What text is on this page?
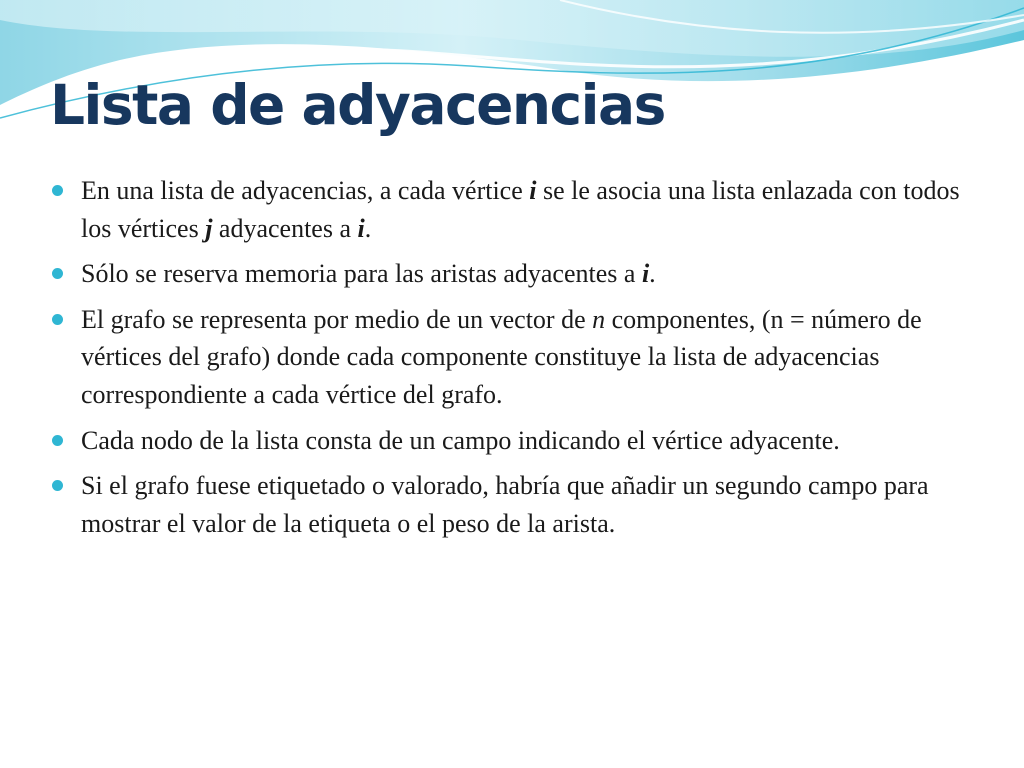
Lista de adyacencias
En una lista de adyacencias, a cada vértice i se le asocia una lista enlazada con todos los vértices j adyacentes a i.
Sólo se reserva memoria para las aristas adyacentes a i.
El grafo se representa por medio de un vector de n componentes, (n = número de vértices del grafo) donde cada componente constituye la lista de adyacencias correspondiente a cada vértice del grafo.
Cada nodo de la lista consta de un campo indicando el vértice adyacente.
Si el grafo fuese etiquetado o valorado, habría que añadir un segundo campo para mostrar el valor de la etiqueta o el peso de la arista.
